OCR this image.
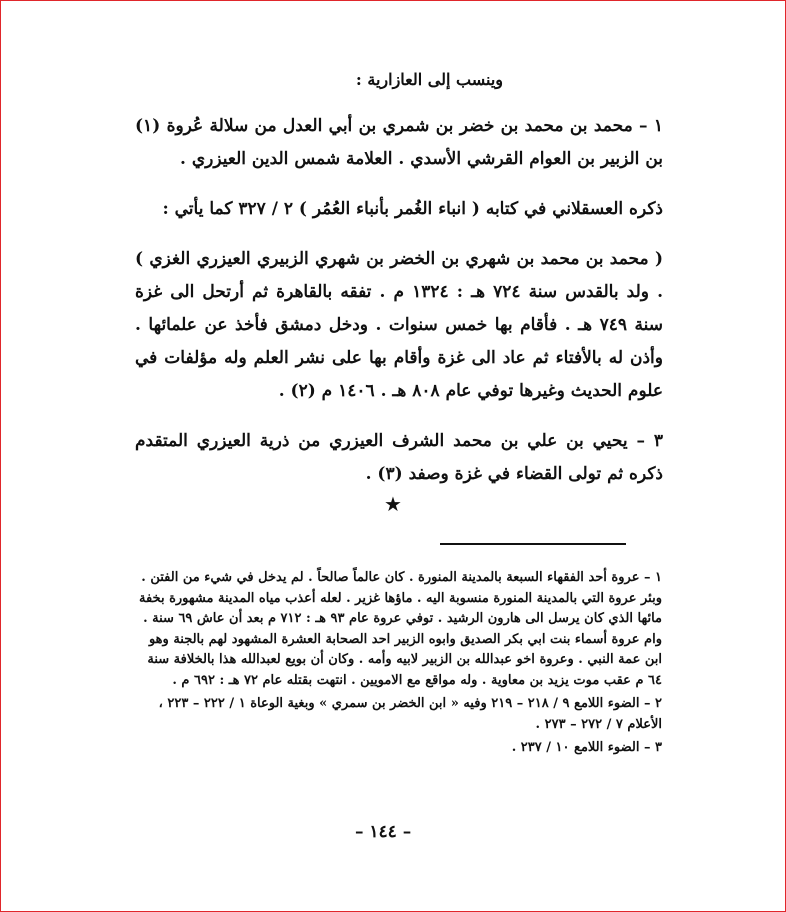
وينسب إلى العازارية :

١ – محمد بن محمد بن خضر بن شمري بن أبي العدل من سلالة عُروة (١) بن الزبير بن العوام القرشي الأسدي . العلامة شمس الدين العيزري .

ذكره العسقلاني في كتابه ( انباء الغُمر بأنباء العُمُر ) ٢ / ٣٢٧ كما يأتي :

( محمد بن محمد بن شهري بن الخضر بن شهري الزبيري العيزري الغزي ) . ولد بالقدس سنة ٧٢٤ هـ : ١٣٢٤ م . تفقه بالقاهرة ثم أرتحل الى غزة سنة ٧٤٩ هـ . فأقام بها خمس سنوات . ودخل دمشق فأخذ عن علمائها . وأذن له بالأفتاء ثم عاد الى غزة وأقام بها على نشر العلم وله مؤلفات في علوم الحديث وغيرها توفي عام ٨٠٨ هـ . ١٤٠٦ م (٢) .

٣ – يحيي بن علي بن محمد الشرف العيزري من ذرية العيزري المتقدم ذكره ثم تولى القضاء في غزة وصفد (٣) .

★

١ – عروة أحد الفقهاء السبعة بالمدينة المنورة . كان عالماً صالحاً . لم يدخل في شيء من الفتن . وبئر عروة التي بالمدينة المنورة منسوبة اليه . ماؤها غزير . لعله أعذب مياه المدينة مشهورة بخفة مائها الذي كان يرسل الى هارون الرشيد . توفي عروة عام ٩٣ هـ : ٧١٢ م بعد أن عاش ٦٩ سنة . وام عروة أسماء بنت ابي بكر الصديق وابوه الزبير احد الصحابة العشرة المشهود لهم بالجنة وهو ابن عمة النبي . وعروة اخو عبدالله بن الزبير لابيه وأمه . وكان أن بويع لعبدالله هذا بالخلافة سنة ٦٤ م عقب موت يزيد بن معاوية . وله مواقع مع الامويين . انتهت بقتله عام ٧٢ هـ : ٦٩٢ م .

٢ – الضوء اللامع ٩ / ٢١٨ – ٢١٩ وفيه « ابن الخضر بن سمري » وبغية الوعاة ١ / ٢٢٢ – ٢٢٣ ، الأعلام ٧ / ٢٧٢ – ٢٧٣ .

٣ – الضوء اللامع ١٠ / ٢٣٧ .

– ١٤٤ –
